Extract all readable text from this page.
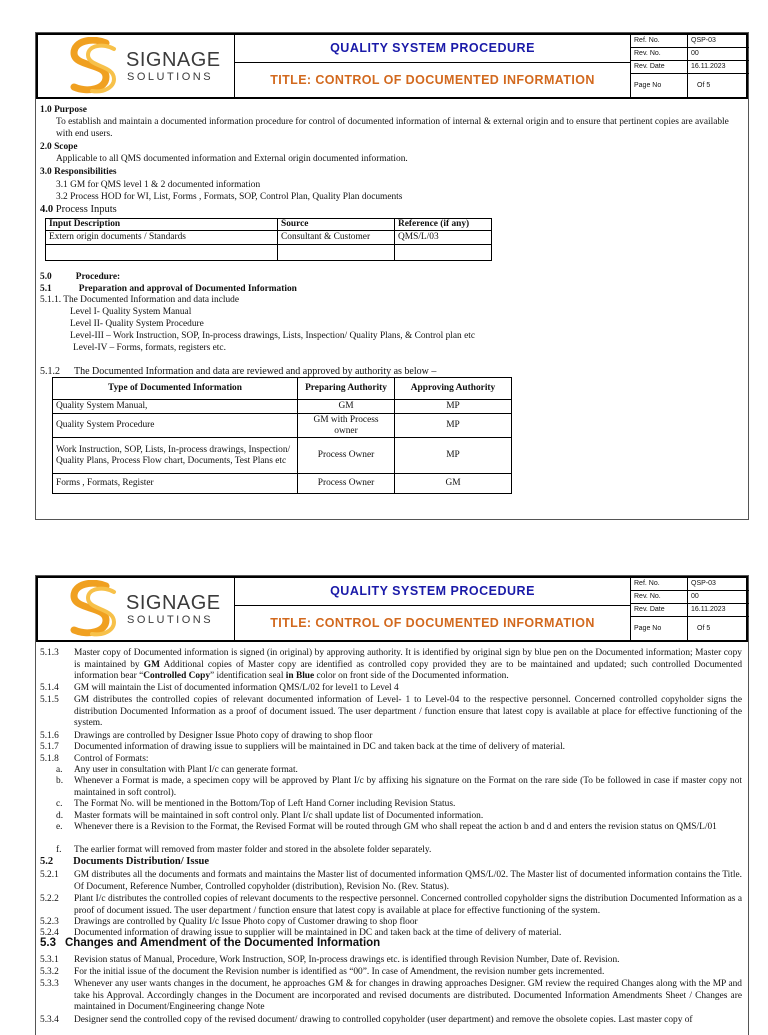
SIGNAGE
SOLUTIONS
QUALITY SYSTEM PROCEDURE
TITLE: CONTROL OF DOCUMENTED INFORMATION
Ref. No.	QSP-03
Rev. No.	00
Rev. Date	16.11.2023
Page No	Of 5
1.0 Purpose
To establish and maintain a documented information procedure for control of documented information of internal & external origin and to ensure that pertinent copies are available with end users.
2.0 Scope
Applicable to all QMS documented information and External origin documented information.
3.0 Responsibilities
3.1 GM for QMS level 1 & 2 documented information
3.2 Process HOD for WI, List, Forms , Formats, SOP, Control Plan, Quality Plan documents
4.0 Process Inputs
Input Description	Source	Reference (if any)
Extern origin documents / Standards	Consultant & Customer	QMS/L/03

5.0	Procedure:
5.1	Preparation and approval of Documented Information
5.1.1. The Documented Information and data include
Level I- Quality System Manual
Level II- Quality System Procedure
Level-III – Work Instruction, SOP, In-process drawings, Lists, Inspection/ Quality Plans, & Control plan etc
Level-IV – Forms, formats, registers etc.
5.1.2 The Documented Information and data are reviewed and approved by authority as below –
Type of Documented Information	Preparing Authority	Approving Authority
Quality System Manual,	GM	MP
Quality System Procedure	GM with Process owner	MP
Work Instruction, SOP, Lists, In-process drawings, Inspection/ Quality Plans, Process Flow chart, Documents, Test Plans etc	Process Owner	MP
Forms , Formats, Register	Process Owner	GM
SIGNAGE
SOLUTIONS
QUALITY SYSTEM PROCEDURE
TITLE: CONTROL OF DOCUMENTED INFORMATION
Ref. No.	QSP-03
Rev. No.	00
Rev. Date	16.11.2023
Page No	Of 5
5.1.3 Master copy of Documented information is signed (in original) by approving authority. It is identified by original sign by blue pen on the Documented information; Master copy is maintained by GM Additional copies of Master copy are identified as controlled copy provided they are to be maintained and updated; such controlled Documented information bear “Controlled Copy” identification seal in Blue color on front side of the Documented information.
5.1.4 GM will maintain the List of documented information QMS/L/02 for level1 to Level 4
5.1.5 GM distributes the controlled copies of relevant documented information of Level- 1 to Level-04 to the respective personnel. Concerned controlled copyholder signs the distribution Documented Information as a proof of document issued. The user department / function ensure that latest copy is available at place for effective functioning of the system.
5.1.6 Drawings are controlled by Designer Issue Photo copy of drawing to shop floor
5.1.7 Documented information of drawing issue to suppliers will be maintained in DC and taken back at the time of delivery of material.
5.1.8 Control of Formats:
a. Any user in consultation with Plant I/c can generate format.
b. Whenever a Format is made, a specimen copy will be approved by Plant I/c by affixing his signature on the Format on the rare side (To be followed in case if master copy not maintained in soft control).
c. The Format No. will be mentioned in the Bottom/Top of Left Hand Corner including Revision Status.
d. Master formats will be maintained in soft control only. Plant I/c shall update list of Documented information.
e. Whenever there is a Revision to the Format, the Revised Format will be routed through GM who shall repeat the action b and d and enters the revision status on QMS/L/01
f. The earlier format will removed from master folder and stored in the absolete folder separately.
5.2 Documents Distribution/ Issue
5.2.1 GM distributes all the documents and formats and maintains the Master list of documented information QMS/L/02. The Master list of documented information contains the Title. Of Document, Reference Number, Controlled copyholder (distribution), Revision No. (Rev. Status).
5.2.2 Plant I/c distributes the controlled copies of relevant documents to the respective personnel. Concerned controlled copyholder signs the distribution Documented Information as a proof of document issued. The user department / function ensure that latest copy is available at place for effective functioning of the system.
5.2.3 Drawings are controlled by Quality I/c Issue Photo copy of Customer drawing to shop floor
5.2.4 Documented information of drawing issue to supplier will be maintained in DC and taken back at the time of delivery of material.
5.3 Changes and Amendment of the Documented Information
5.3.1 Revision status of Manual, Procedure, Work Instruction, SOP, In-process drawings etc. is identified through Revision Number, Date of. Revision.
5.3.2 For the initial issue of the document the Revision number is identified as “00”. In case of Amendment, the revision number gets incremented.
5.3.3 Whenever any user wants changes in the document, he approaches GM & for changes in drawing approaches Designer. GM review the required Changes along with the MP and take his Approval. Accordingly changes in the Document are incorporated and revised documents are distributed. Documented Information Amendments Sheet / Changes are maintained in Document/Engineering change Note
5.3.4 Designer send the controlled copy of the revised document/ drawing to controlled copyholder (user department) and remove the obsolete copies. Last master copy of
